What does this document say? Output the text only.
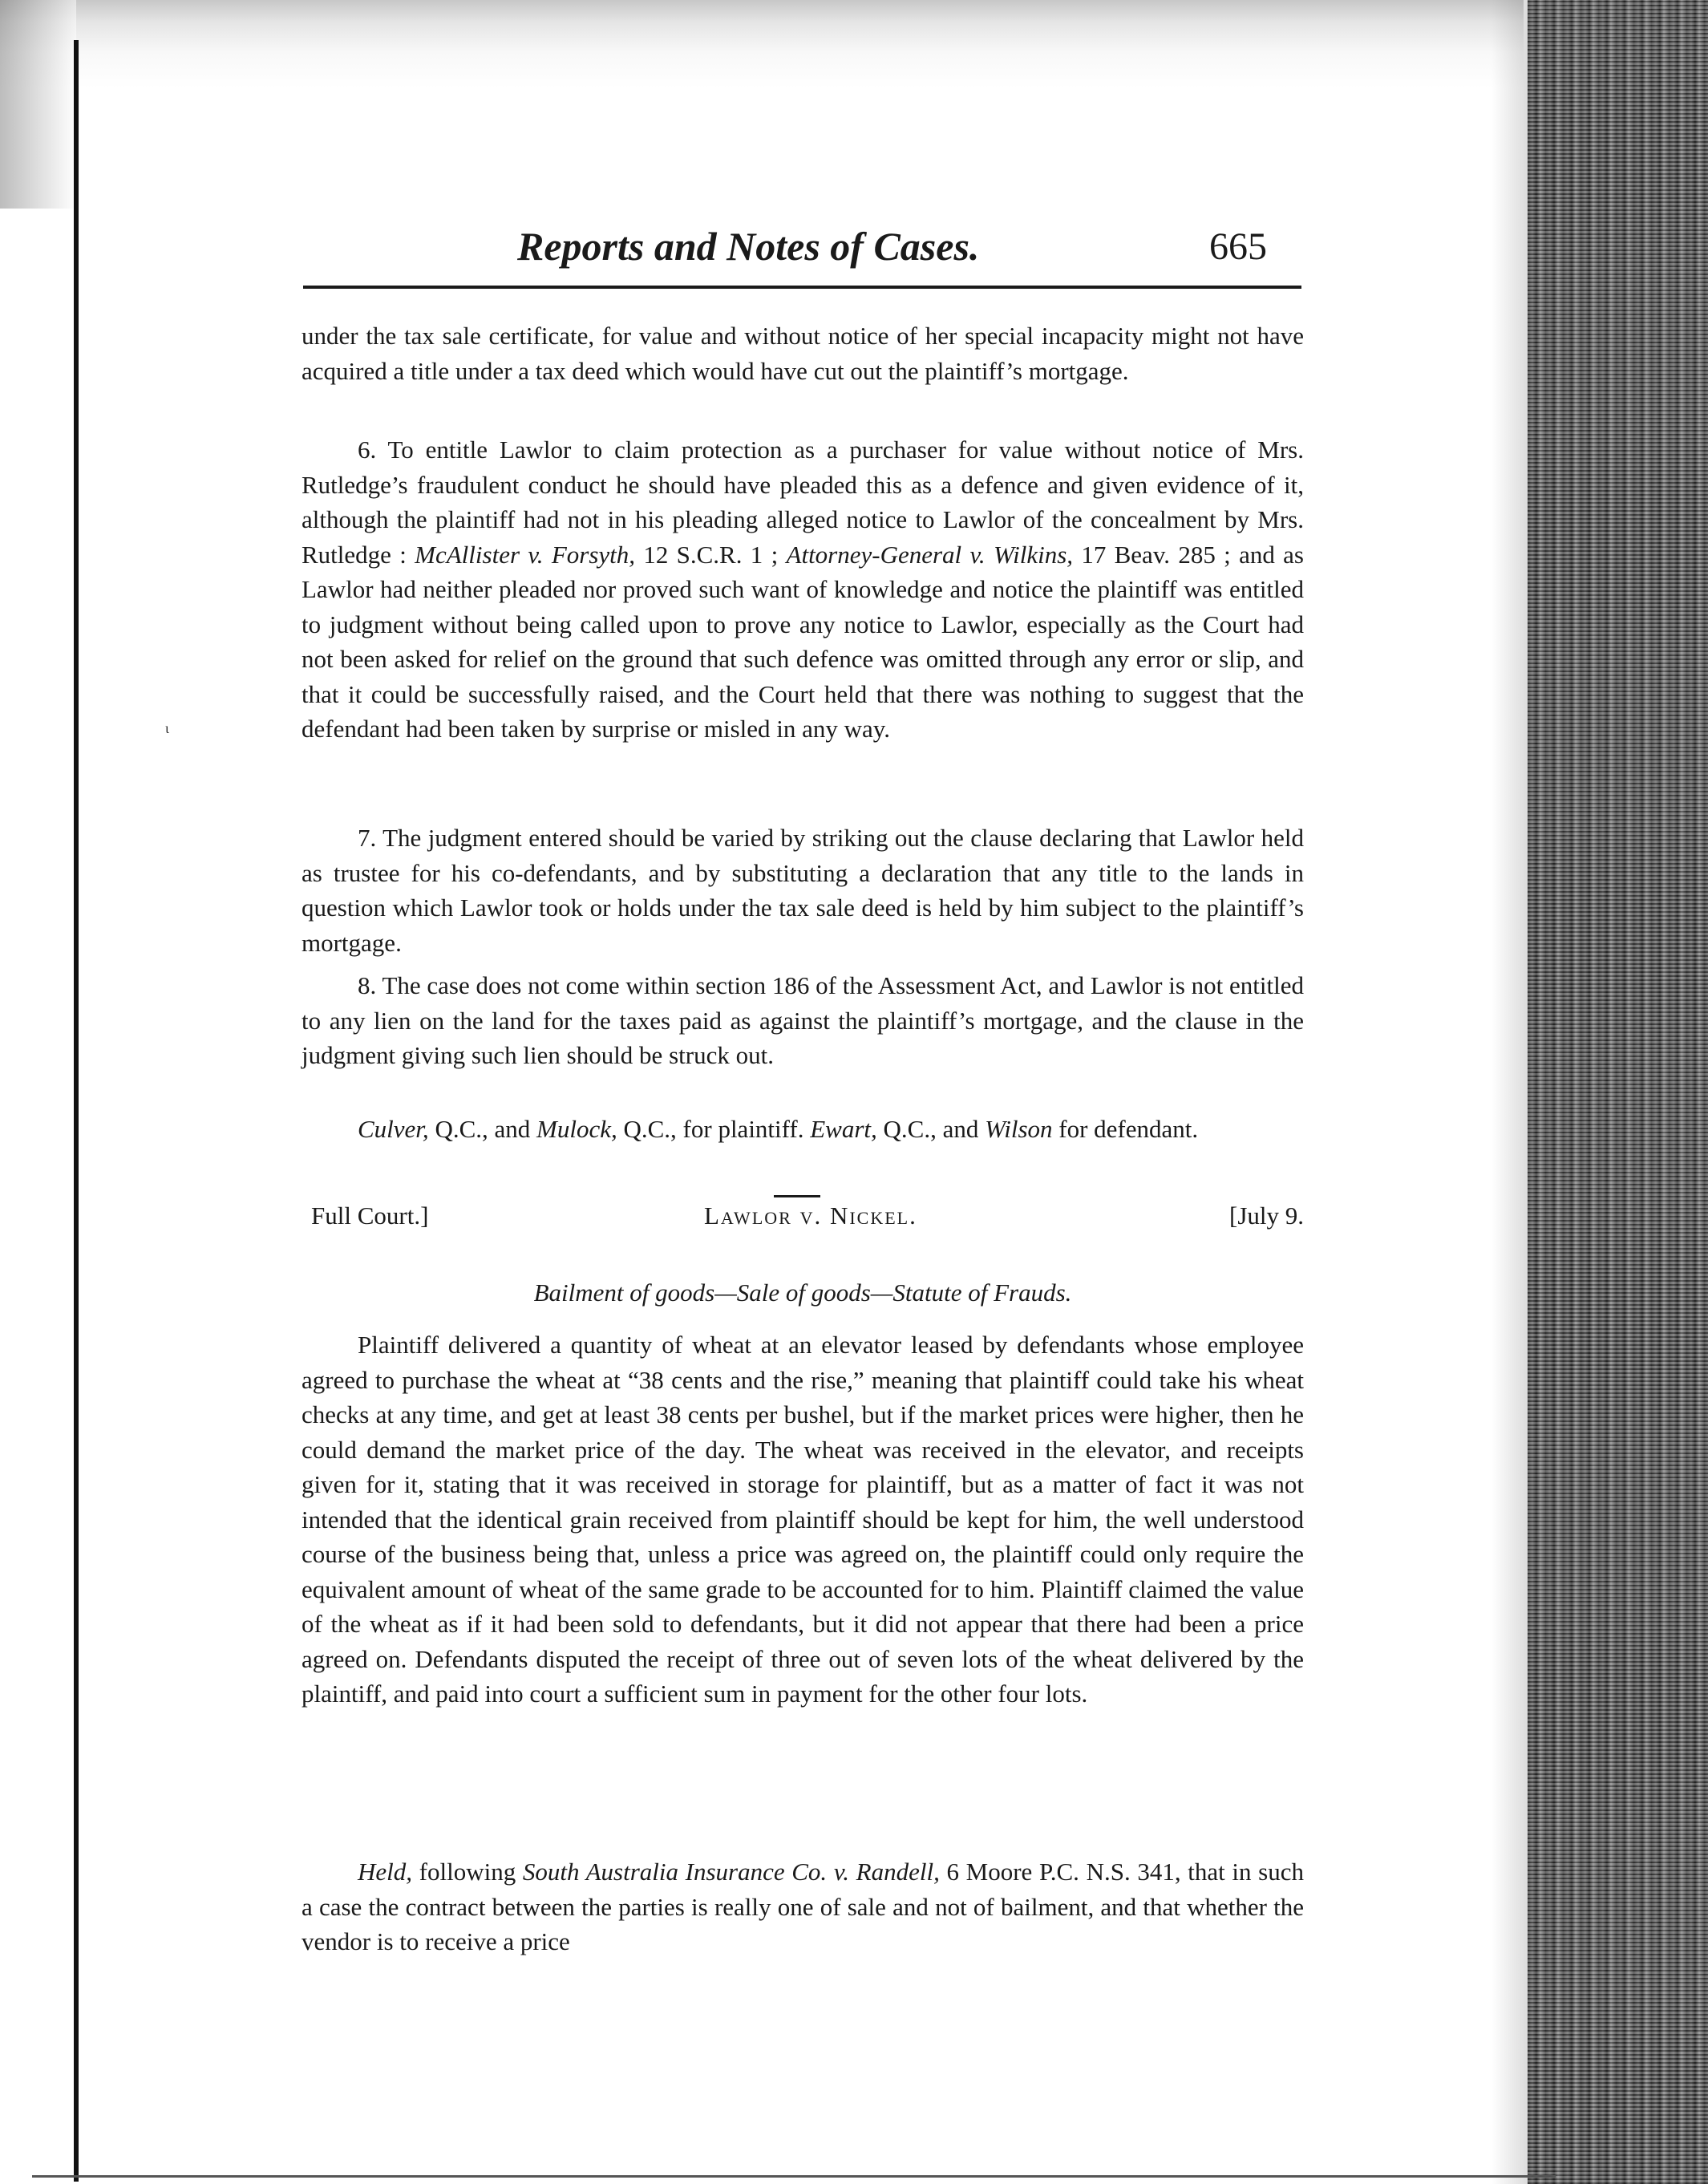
ι
Reports and Notes of Cases.	665

under the tax sale certificate, for value and without notice of her special incapacity might not have acquired a title under a tax deed which would have cut out the plaintiff’s mortgage.

6. To entitle Lawlor to claim protection as a purchaser for value without notice of Mrs. Rutledge’s fraudulent conduct he should have pleaded this as a defence and given evidence of it, although the plaintiff had not in his pleading alleged notice to Lawlor of the concealment by Mrs. Rutledge : McAllister v. Forsyth, 12 S.C.R. 1 ; Attorney-General v. Wilkins, 17 Beav. 285 ; and as Lawlor had neither pleaded nor proved such want of knowledge and notice the plaintiff was entitled to judgment without being called upon to prove any notice to Lawlor, especially as the Court had not been asked for relief on the ground that such defence was omitted through any error or slip, and that it could be successfully raised, and the Court held that there was nothing to suggest that the defendant had been taken by surprise or misled in any way.

7. The judgment entered should be varied by striking out the clause declaring that Lawlor held as trustee for his co-defendants, and by substituting a declaration that any title to the lands in question which Lawlor took or holds under the tax sale deed is held by him subject to the plaintiff’s mortgage.

8. The case does not come within section 186 of the Assessment Act, and Lawlor is not entitled to any lien on the land for the taxes paid as against the plaintiff’s mortgage, and the clause in the judgment giving such lien should be struck out.

Culver, Q.C., and Mulock, Q.C., for plaintiff. Ewart, Q.C., and Wilson for defendant.

Full Court.]	Lawlor v. Nickel.	[July 9.
Bailment of goods—Sale of goods—Statute of Frauds.

Plaintiff delivered a quantity of wheat at an elevator leased by defendants whose employee agreed to purchase the wheat at “38 cents and the rise,” meaning that plaintiff could take his wheat checks at any time, and get at least 38 cents per bushel, but if the market prices were higher, then he could demand the market price of the day. The wheat was received in the elevator, and receipts given for it, stating that it was received in storage for plaintiff, but as a matter of fact it was not intended that the identical grain received from plaintiff should be kept for him, the well understood course of the business being that, unless a price was agreed on, the plaintiff could only require the equivalent amount of wheat of the same grade to be accounted for to him. Plaintiff claimed the value of the wheat as if it had been sold to defendants, but it did not appear that there had been a price agreed on. Defendants disputed the receipt of three out of seven lots of the wheat delivered by the plaintiff, and paid into court a sufficient sum in payment for the other four lots.

Held, following South Australia Insurance Co. v. Randell, 6 Moore P.C. N.S. 341, that in such a case the contract between the parties is really one of sale and not of bailment, and that whether the vendor is to receive a price
